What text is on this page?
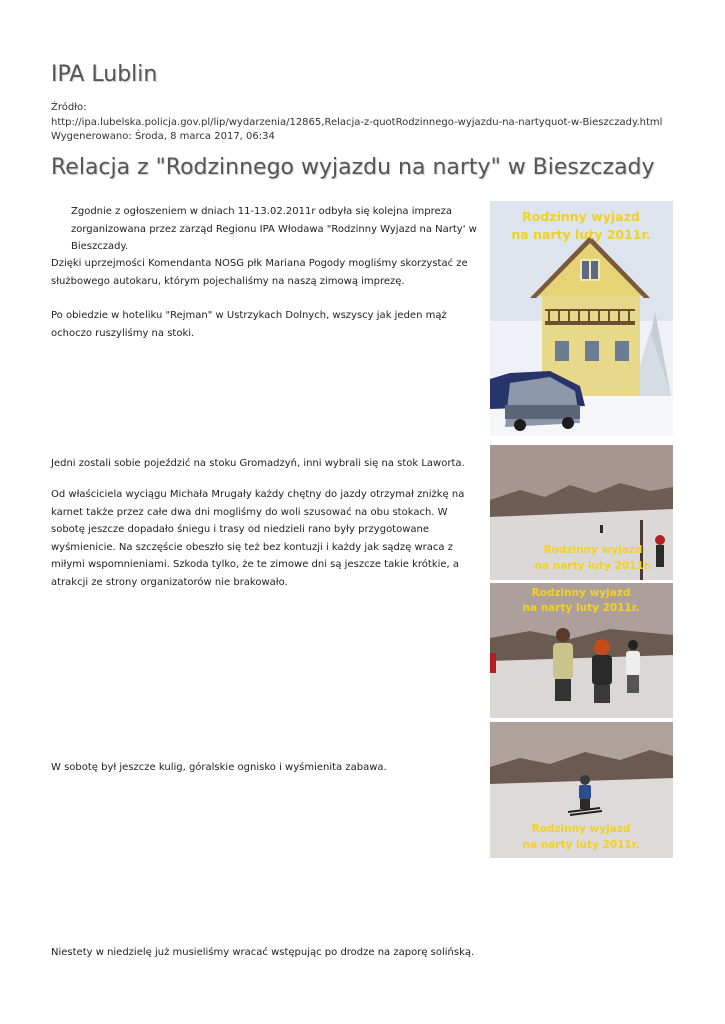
IPA Lublin
Źródło:
http://ipa.lubelska.policja.gov.pl/lip/wydarzenia/12865,Relacja-z-quotRodzinnego-wyjazdu-na-nartyquot-w-Bieszczady.html
Wygenerowano: Środa, 8 marca 2017, 06:34
Relacja z "Rodzinnego wyjazdu na narty" w Bieszczady

Zgodnie z ogłoszeniem w dniach 11-13.02.2011r odbyła się kolejna impreza zorganizowana przez zarząd Regionu IPA Włodawa "Rodzinny Wyjazd na Narty' w Bieszczady.

Dzięki uprzejmości Komendanta NOSG płk Mariana Pogody mogliśmy skorzystać ze służbowego autokaru, którym pojechaliśmy na naszą zimową imprezę.

Po obiedzie w hoteliku "Rejman" w Ustrzykach Dolnych, wszyscy jak jeden mąż ochoczo ruszyliśmy na stoki.

Jedni zostali sobie pojeździć na stoku Gromadzyń, inni wybrali się na stok Laworta.

Od właściciela wyciągu Michała Mrugały każdy chętny do jazdy otrzymał zniżkę na karnet także przez całe dwa dni mogliśmy do woli szusować na obu stokach. W sobotę jeszcze dopadało śniegu i trasy od niedzieli rano były przygotowane wyśmienicie. Na szczęście obeszło się też bez kontuzji i każdy jak sądzę wraca z miłymi wspomnieniami. Szkoda tylko, że te zimowe dni są jeszcze takie krótkie, a atrakcji ze strony organizatorów nie brakowało.

W sobotę był jeszcze kulig, góralskie ognisko i wyśmienita zabawa.

Niestety w niedzielę już musieliśmy wracać wstępując po drodze na zaporę solińską.

Rodzinny wyjazd
na narty luty 2011r.
Rodzinny wyjazd
na narty luty 2011r.
Rodzinny wyjazd
na narty luty 2011r.
Rodzinny wyjazd
na narty luty 2011r.
